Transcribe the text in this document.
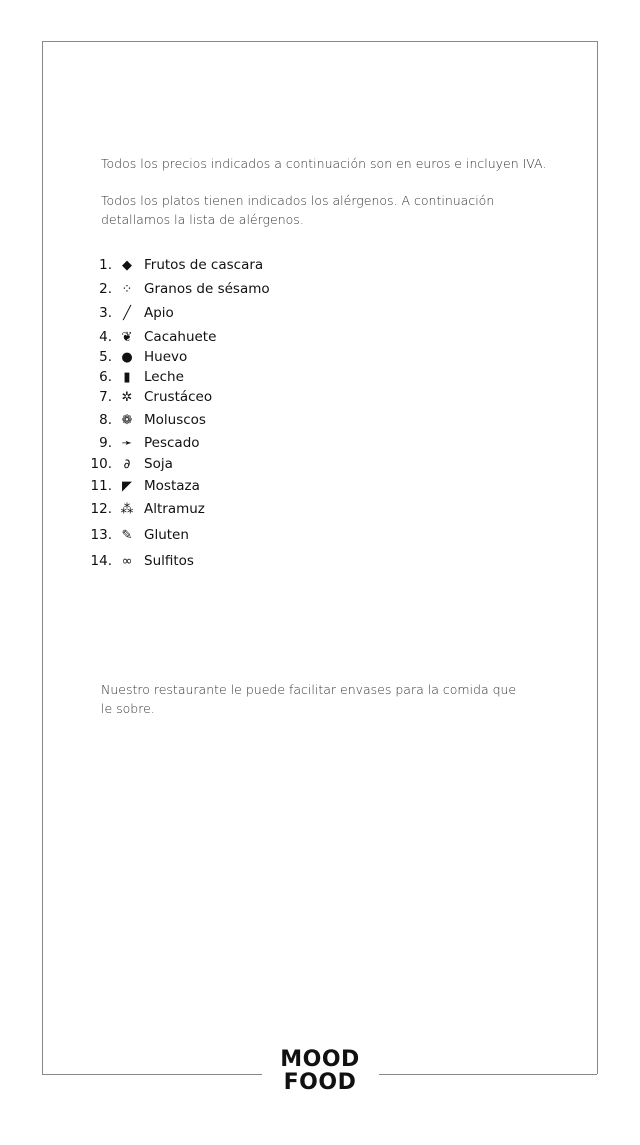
Todos los precios indicados a continuación son en euros e incluyen IVA.

Todos los platos tienen indicados los alérgenos. A continuación detallamos la lista de alérgenos.

1. ◆ Frutos de cascara
2. ⁘ Granos de sésamo
3. ╱ Apio
4. ❦ Cacahuete
5. ● Huevo
6. ▮ Leche
7. ✲ Crustáceo
8. ❁ Moluscos
9. ➛ Pescado
10. ∂	Soja
11. ◤ Mostaza
12. ⁂ Altramuz
13. ✎ Gluten
14. ∞ Sulfitos

Nuestro restaurante le puede facilitar envases para la comida que le sobre.

MOOD
FOOD
